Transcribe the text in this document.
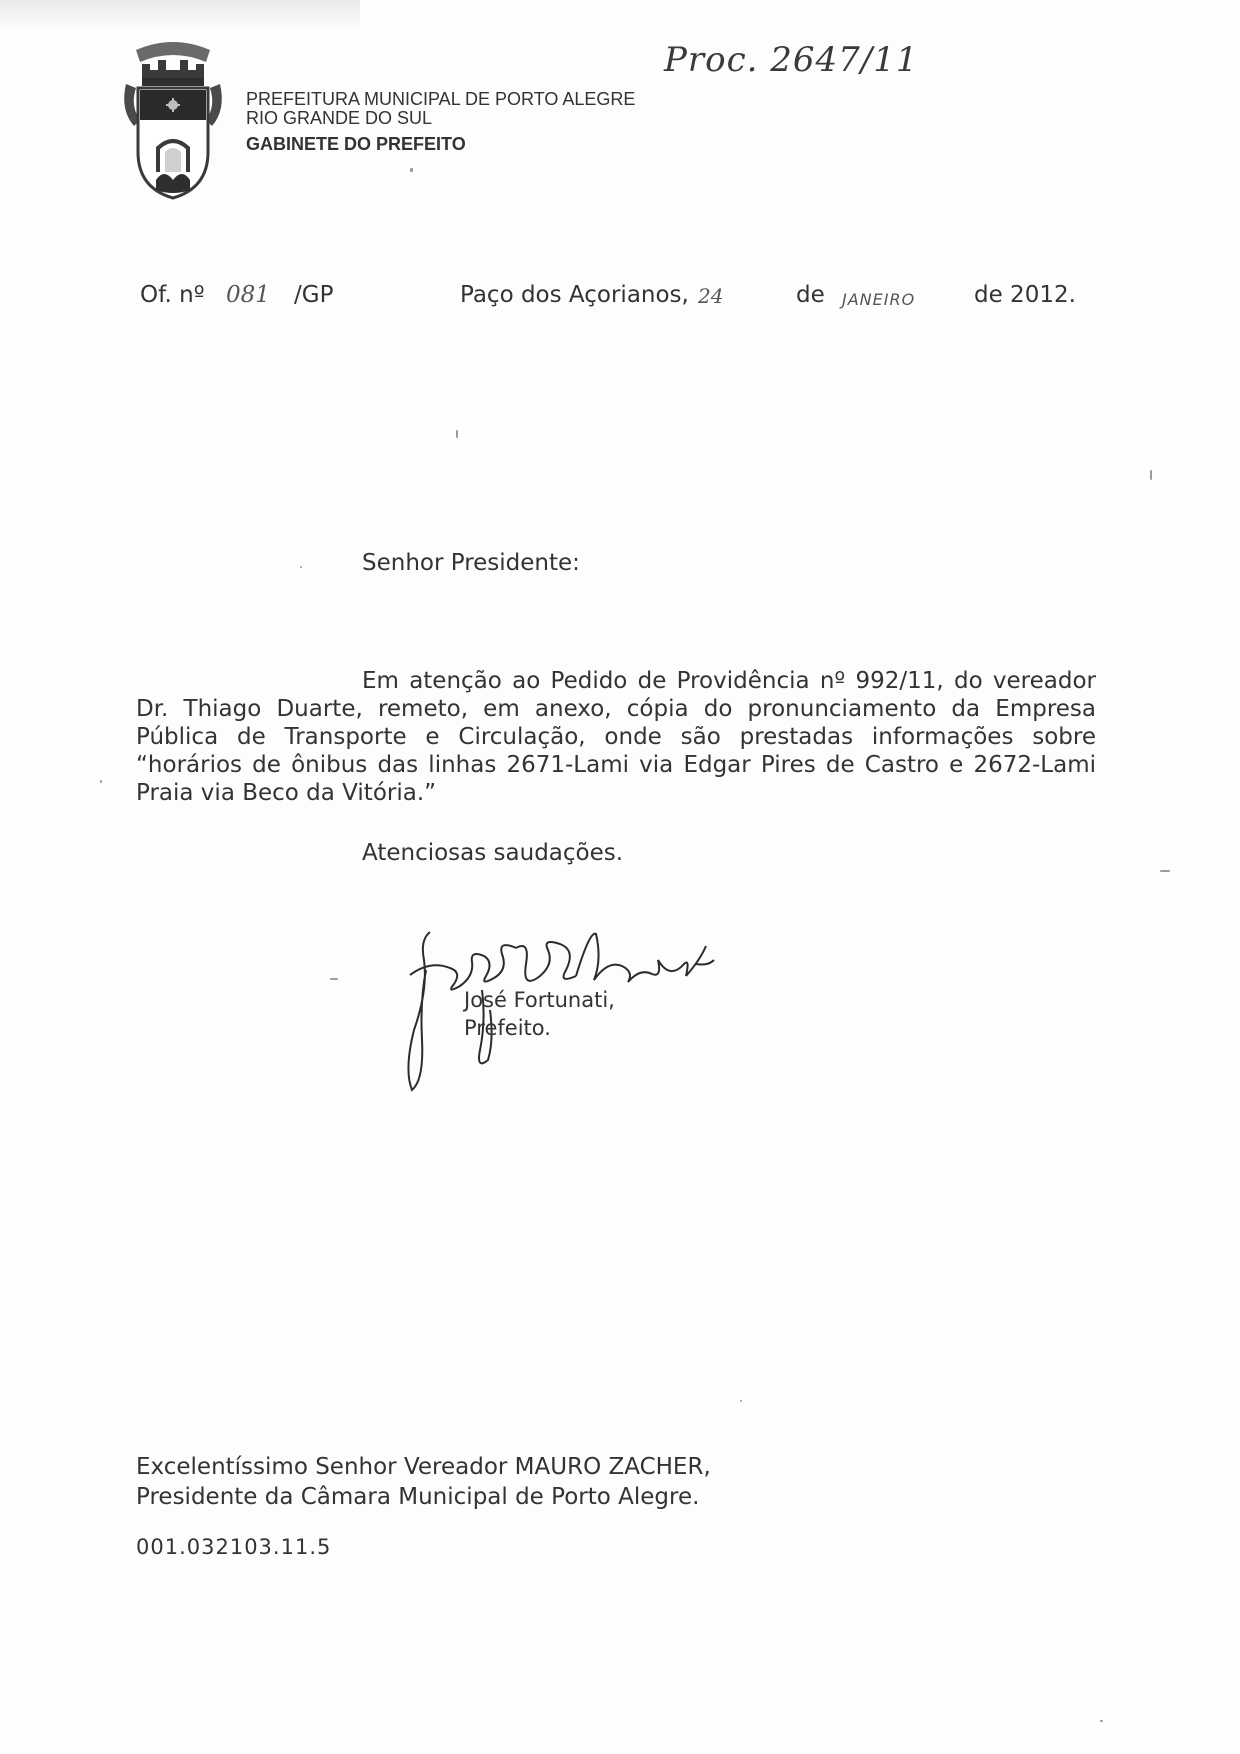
PREFEITURA MUNICIPAL DE PORTO ALEGRE
RIO GRANDE DO SUL
GABINETE DO PREFEITO
Proc. 2647/11
Of. nº 081 /GP	Paço dos Açorianos, 24	de JANEIRO	de 2012.
Senhor Presidente:
Em atenção ao Pedido de Providência nº 992/11, do vereador Dr. Thiago Duarte, remeto, em anexo, cópia do pronunciamento da Empresa Pública de Transporte e Circulação, onde são prestadas informações sobre “horários de ônibus das linhas 2671-Lami via Edgar Pires de Castro e 2672-Lami Praia via Beco da Vitória.”
Atenciosas saudações.
José Fortunati,
Prefeito.
Excelentíssimo Senhor Vereador MAURO ZACHER,
Presidente da Câmara Municipal de Porto Alegre.
001.032103.11.5
